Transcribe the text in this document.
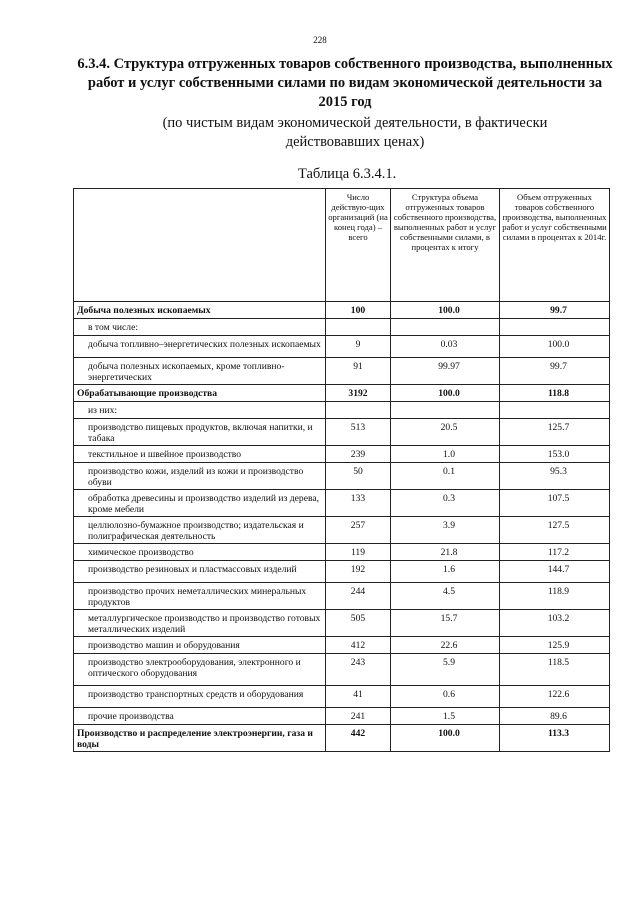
228
6.3.4. Структура отгруженных товаров собственного производства, выполненных работ и услуг собственными силами по видам экономической деятельности за 2015 год
(по чистым видам экономической деятельности, в фактически действовавших ценах)
Таблица 6.3.4.1.
	Число действую-щих организаций (на конец года) – всего	Структура объема отгруженных товаров собственного производства, выполненных работ и услуг собственными силами, в процентах к итогу	Объем отгруженных товаров собственного производства, выполненных работ и услуг собственными силами в процентах к 2014г.
Добыча полезных ископаемых	100	100.0	99.7
в том числе:			
добыча топливно–энергетических полезных ископаемых	9	0.03	100.0
добыча полезных ископаемых, кроме топливно-энергетических	91	99.97	99.7
Обрабатывающие производства	3192	100.0	118.8
из них:			
производство пищевых продуктов, включая напитки, и табака	513	20.5	125.7
текстильное и швейное производство	239	1.0	153.0
производство кожи, изделий из кожи и производство обуви	50	0.1	95.3
обработка древесины и производство изделий из дерева, кроме мебели	133	0.3	107.5
целлюлозно-бумажное производство; издательская и полиграфическая деятельность	257	3.9	127.5
химическое производство	119	21.8	117.2
производство резиновых и пластмассовых изделий	192	1.6	144.7
производство прочих неметаллических минеральных продуктов	244	4.5	118.9
металлургическое производство и производство готовых металлических изделий	505	15.7	103.2
производство машин и оборудования	412	22.6	125.9
производство электрооборудования, электронного и оптического оборудования	243	5.9	118.5
производство транспортных средств и оборудования	41	0.6	122.6
прочие производства	241	1.5	89.6
Производство и распределение электроэнергии, газа и воды	442	100.0	113.3
